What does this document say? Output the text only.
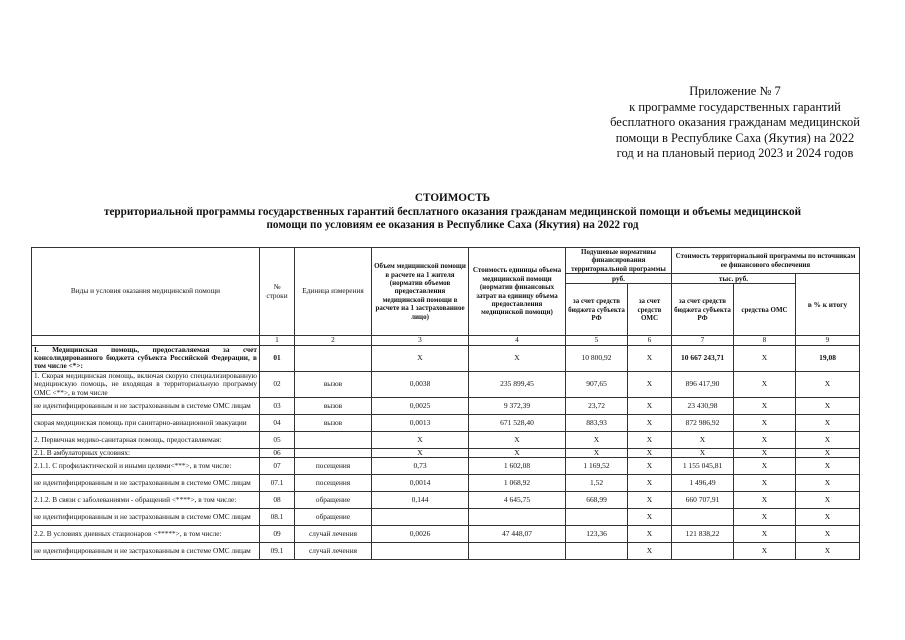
Приложение № 7
к программе государственных гарантий
бесплатного оказания гражданам медицинской
помощи в Республике Саха (Якутия) на 2022
год и на плановый период 2023 и 2024 годов
СТОИМОСТЬ
территориальной программы государственных гарантий бесплатного оказания гражданам медицинской помощи и объемы медицинской
помощи по условиям ее оказания в Республике Саха (Якутия) на 2022 год
Виды и условия оказания медицинской помощи	№ строки	Единица измерения	Объем медицинской помощи в расчете на 1 жителя (норматив объемов предоставления медицинской помощи в расчете на 1 застрахованное лицо)	Стоимость единицы объема медицинской помощи (норматив финансовых затрат на единицу объема предоставления медицинской помощи)	Подушевые нормативы финансирования территориальной программы		Стоимость территориальной программы по источникам ее финансового обеспечения		
					руб.		тыс. руб.		в % к итогу
					за счет средств бюджета субъекта РФ	за счет средств ОМС	за счет средств бюджета субъекта РФ	средства ОМС	

	1	2	3	4	5	6	7	8	9
I. Медицинская помощь, предоставляемая за счет консолидированного бюджета субъекта Российской Федерации, в том числе <*>:	01		X	X	10 800,92	X	10 667 243,71	X	19,08
1. Скорая медицинская помощь, включая скорую специализированную медицинскую помощь, не входящая в территориальную программу ОМС <**>, в том числе	02	вызов	0,0038	235 899,45	907,65	X	896 417,90	X	X
не идентифицированным и не застрахованным в системе ОМС лицам	03	вызов	0,0025	9 372,39	23,72	X	23 430,98	X	X
скорая медицинская помощь при санитарно-авиационной эвакуации	04	вызов	0,0013	671 528,40	883,93	X	872 986,92	X	X
2. Первичная медико-санитарная помощь, предоставляемая:	05		X	X	X	X	X	X	X
2.1. В амбулаторных условиях:	06		X	X	X	X	X	X	X
2.1.1. С профилактической и иными целями<***>, в том числе:	07	посещения	0,73	1 602,08	1 169,52	X	1 155 045,81	X	X
не идентифицированным и не застрахованным в системе ОМС лицам	07.1	посещения	0,0014	1 068,92	1,52	X	1 496,49	X	X
2.1.2. В связи с заболеваниями - обращений <****>, в том числе:	08	обращение	0,144	4 645,75	668,99	X	660 707,91	X	X
не идентифицированным и не застрахованным в системе ОМС лицам	08.1	обращение				X		X	X
2.2. В условиях дневных стационаров <*****>, в том числе:	09	случай лечения	0,0026	47 448,07	123,36	X	121 838,22	X	X
не идентифицированным и не застрахованным в системе ОМС лицам	09.1	случай лечения				X		X	X
